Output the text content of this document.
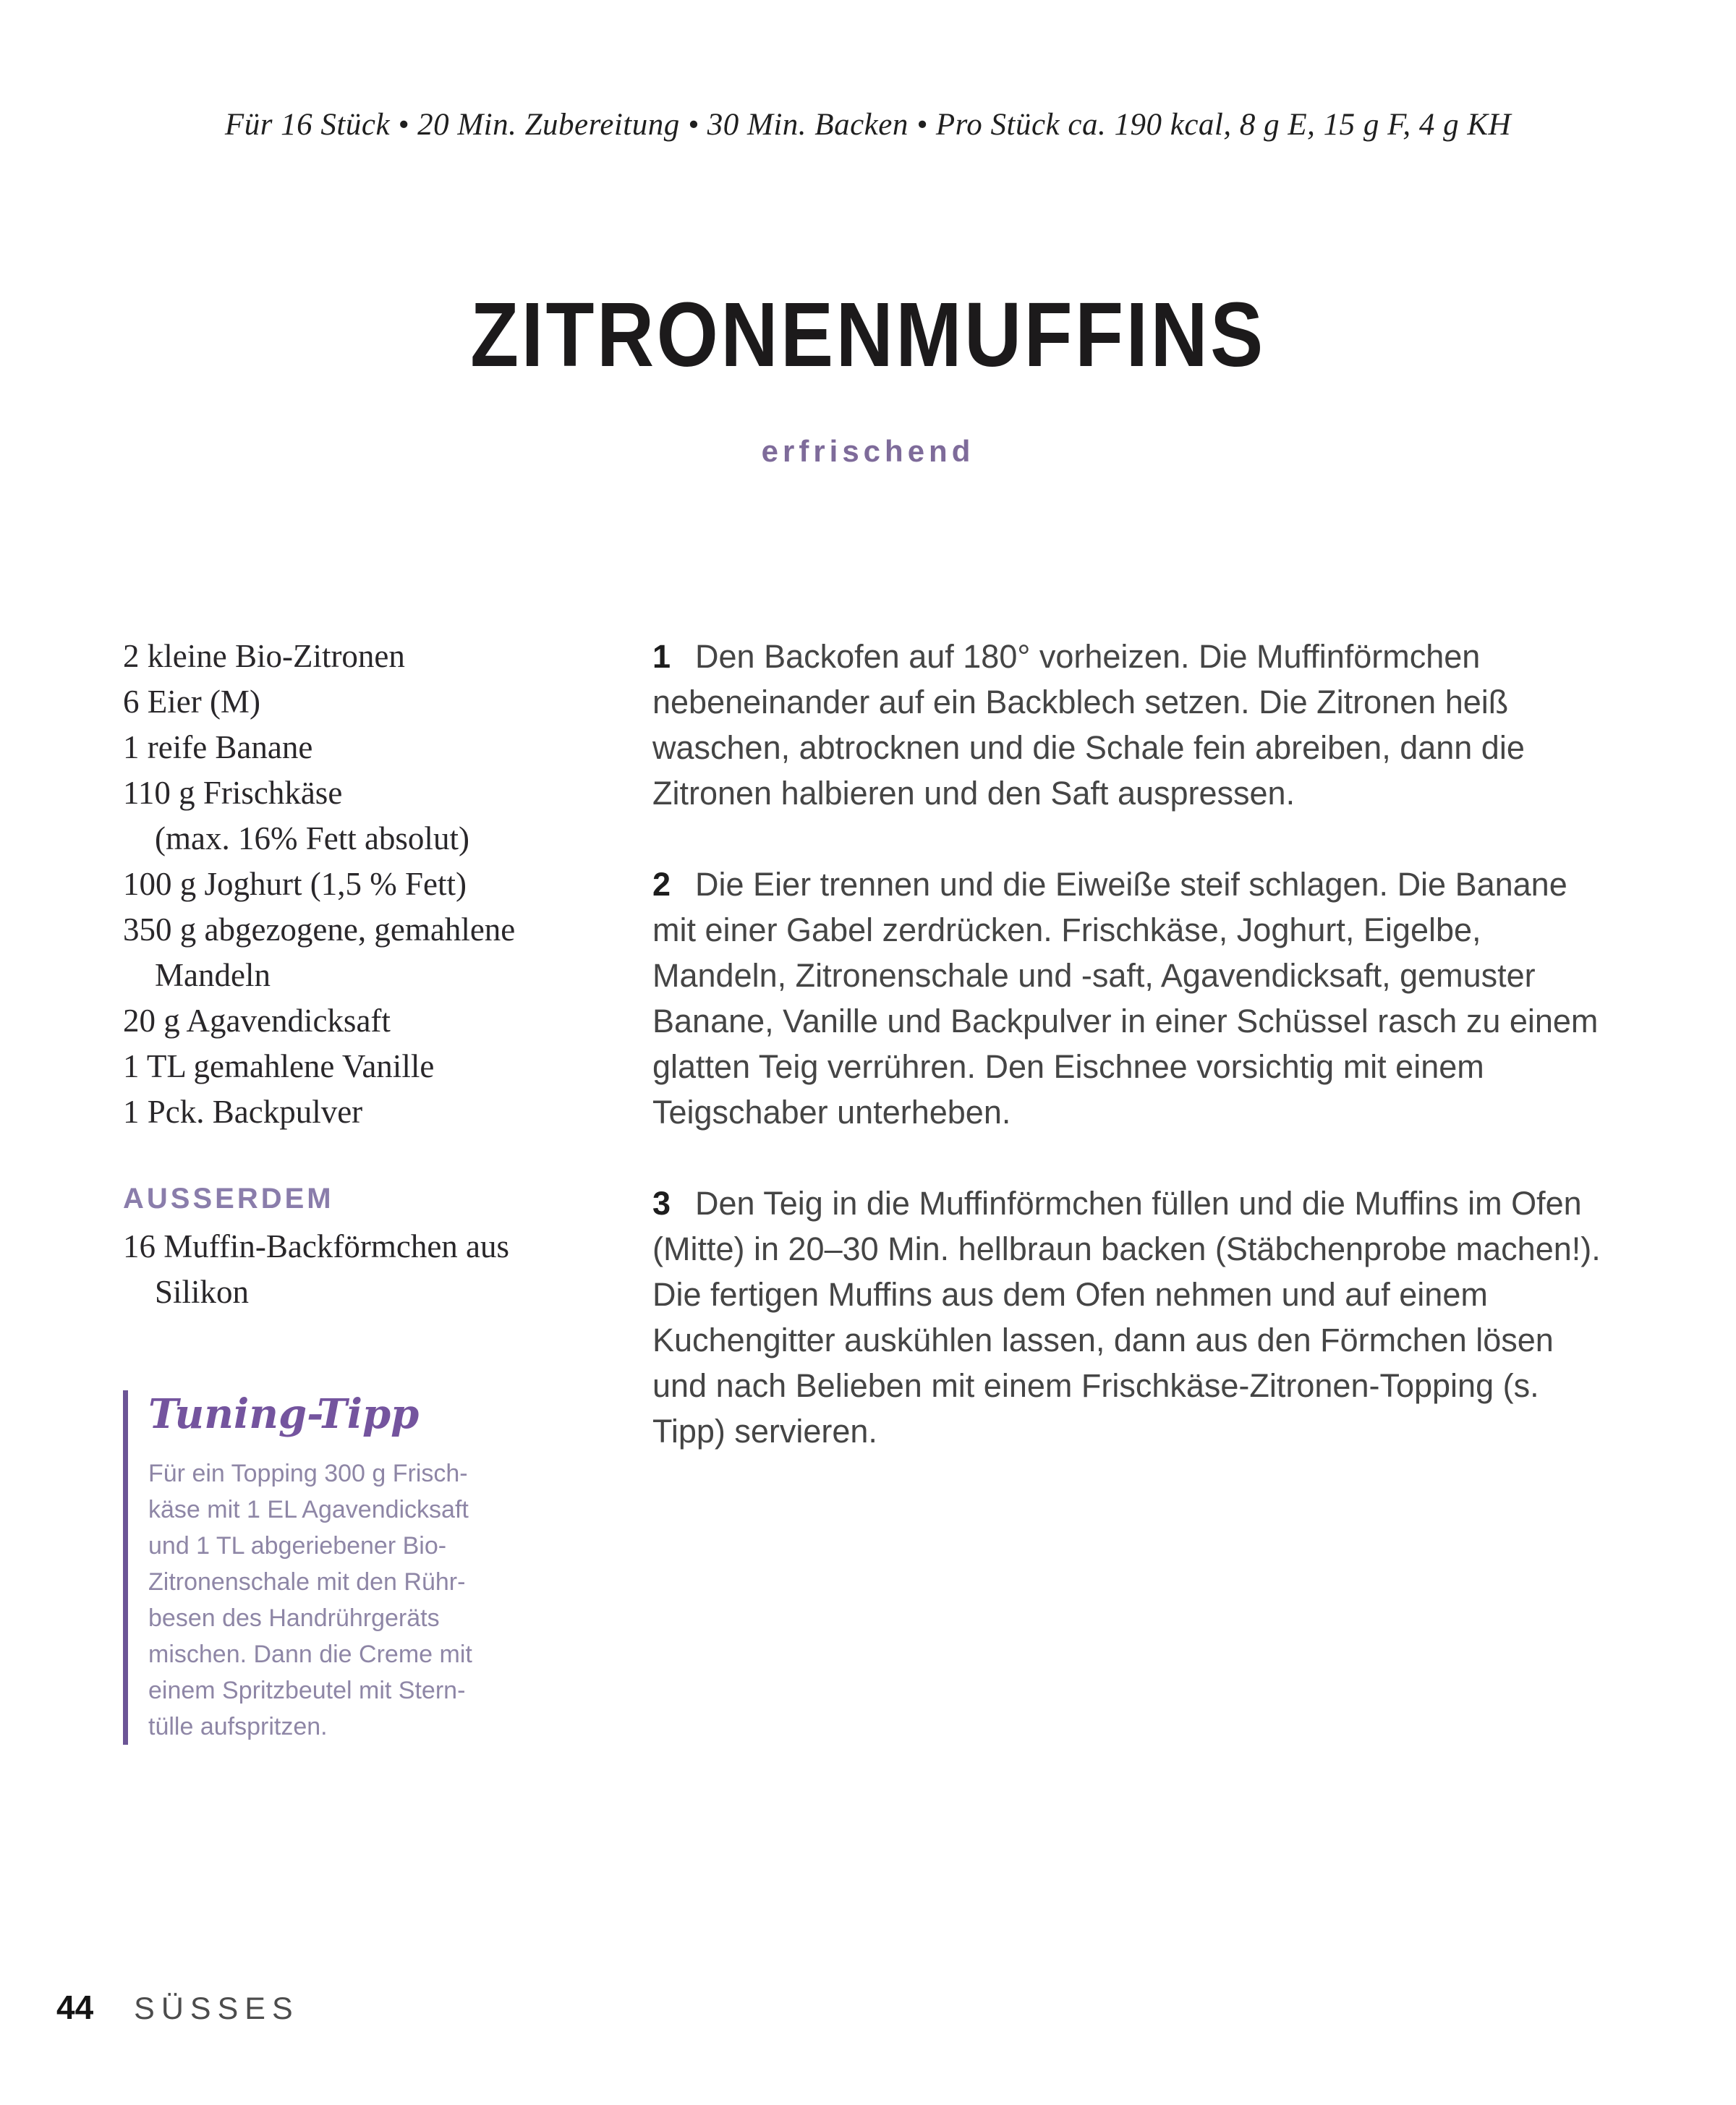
Für 16 Stück • 20 Min. Zubereitung • 30 Min. Backen • Pro Stück ca. 190 kcal, 8 g E, 15 g F, 4 g KH

ZITRONENMUFFINS

erfrischend

2 kleine Bio-Zitronen
6 Eier (M)
1 reife Banane
110 g Frischkäse
(max. 16% Fett absolut)
100 g Joghurt (1,5 % Fett)
350 g abgezogene, gemahlene
Mandeln
20 g Agavendicksaft
1 TL gemahlene Vanille
1 Pck. Backpulver
AUSSERDEM
16 Muffin-Backförmchen aus
Silikon
Tuning-Tipp
Für ein Topping 300 g Frisch-
käse mit 1 EL Agavendicksaft
und 1 TL abgeriebener Bio-
Zitronenschale mit den Rühr-
besen des Handrührgeräts
mischen. Dann die Creme mit
einem Spritzbeutel mit Stern-
tülle aufspritzen.

1 Den Backofen auf 180° vorheizen. Die Muffinförmchen nebeneinander auf ein Backblech setzen. Die Zitronen heiß waschen, abtrocknen und die Schale fein abreiben, dann die Zitronen halbieren und den Saft auspressen.

2 Die Eier trennen und die Eiweiße steif schlagen. Die Banane mit einer Gabel zerdrücken. Frischkäse, Joghurt, Eigelbe, Mandeln, Zitronenschale und -saft, Agavendicksaft, gemuster Banane, Vanille und Backpulver in einer Schüssel rasch zu einem glatten Teig verrühren. Den Eischnee vorsichtig mit einem Teigschaber unterheben.

3 Den Teig in die Muffinförmchen füllen und die Muffins im Ofen (Mitte) in 20–30 Min. hellbraun backen (Stäbchenprobe machen!). Die fertigen Muffins aus dem Ofen nehmen und auf einem Kuchengitter auskühlen lassen, dann aus den Förmchen lösen und nach Belieben mit einem Frischkäse-Zitronen-Topping (s. Tipp) servieren.

44 SÜSSES
